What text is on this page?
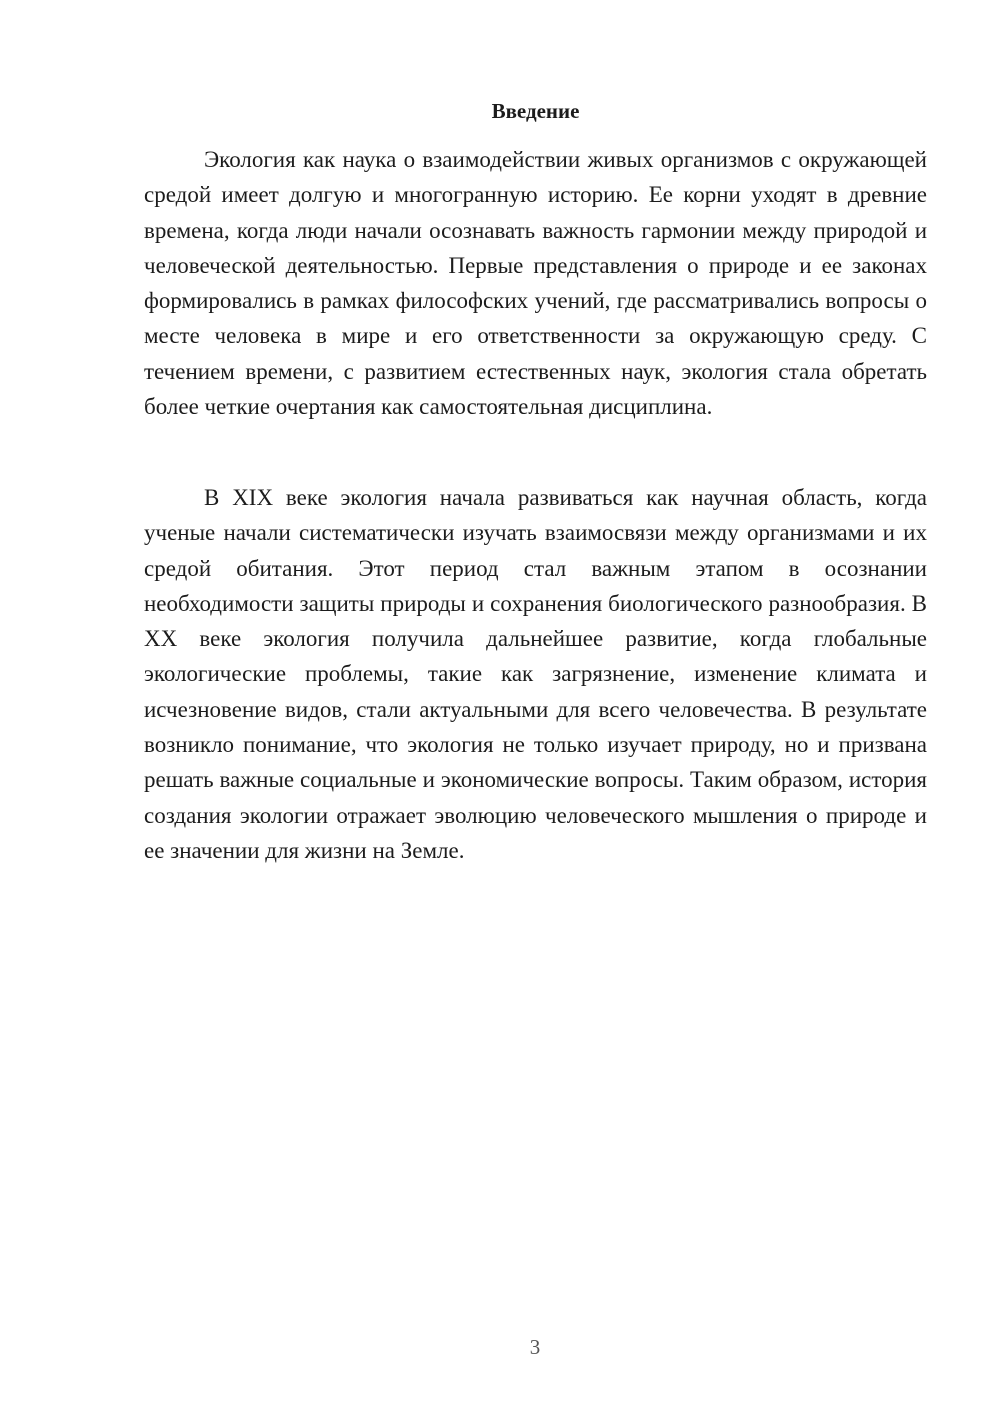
Введение

Экология как наука о взаимодействии живых организмов с окружающей средой имеет долгую и многогранную историю. Ее корни уходят в древние времена, когда люди начали осознавать важность гармонии между природой и человеческой деятельностью. Первые представления о природе и ее законах формировались в рамках философских учений, где рассматривались вопросы о месте человека в мире и его ответственности за окружающую среду. С течением времени, с развитием естественных наук, экология стала обретать более четкие очертания как самостоятельная дисциплина.

В XIX веке экология начала развиваться как научная область, когда ученые начали систематически изучать взаимосвязи между организмами и их средой обитания. Этот период стал важным этапом в осознании необходимости защиты природы и сохранения биологического разнообразия. В XX веке экология получила дальнейшее развитие, когда глобальные экологические проблемы, такие как загрязнение, изменение климата и исчезновение видов, стали актуальными для всего человечества. В результате возникло понимание, что экология не только изучает природу, но и призвана решать важные социальные и экономические вопросы. Таким образом, история создания экологии отражает эволюцию человеческого мышления о природе и ее значении для жизни на Земле.

3
